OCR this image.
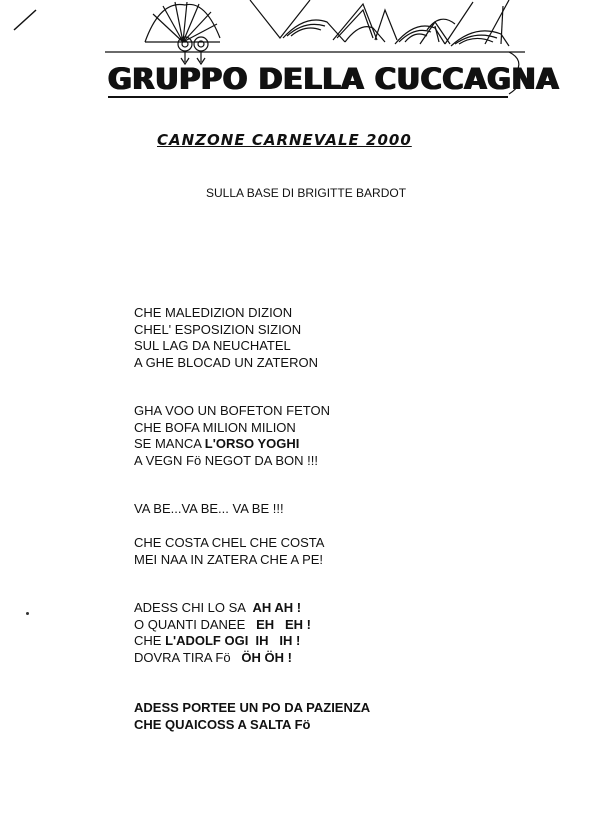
GRUPPO DELLA CUCCAGNA
CANZONE CARNEVALE 2000
SULLA BASE DI BRIGITTE BARDOT
CHE MALEDIZION DIZION
CHEL' ESPOSIZION SIZION
SUL LAG DA NEUCHATEL
A GHE BLOCAD UN ZATERON
GHA VOO UN BOFETON FETON
CHE BOFA MILION MILION
SE MANCA L'ORSO YOGHI
A VEGN Fö NEGOT DA BON !!!
VA BE...VA BE... VA BE !!!
CHE COSTA CHEL CHE COSTA
MEI NAA IN ZATERA CHE A PE!
ADESS CHI LO SA  AH AH !
O QUANTI DANEE   EH   EH !
CHE L'ADOLF OGI  IH   IH !
DOVRA TIRA Fö   ÖH ÖH !
ADESS PORTEE UN PO DA PAZIENZA
CHE QUAICOSS A SALTA Fö
